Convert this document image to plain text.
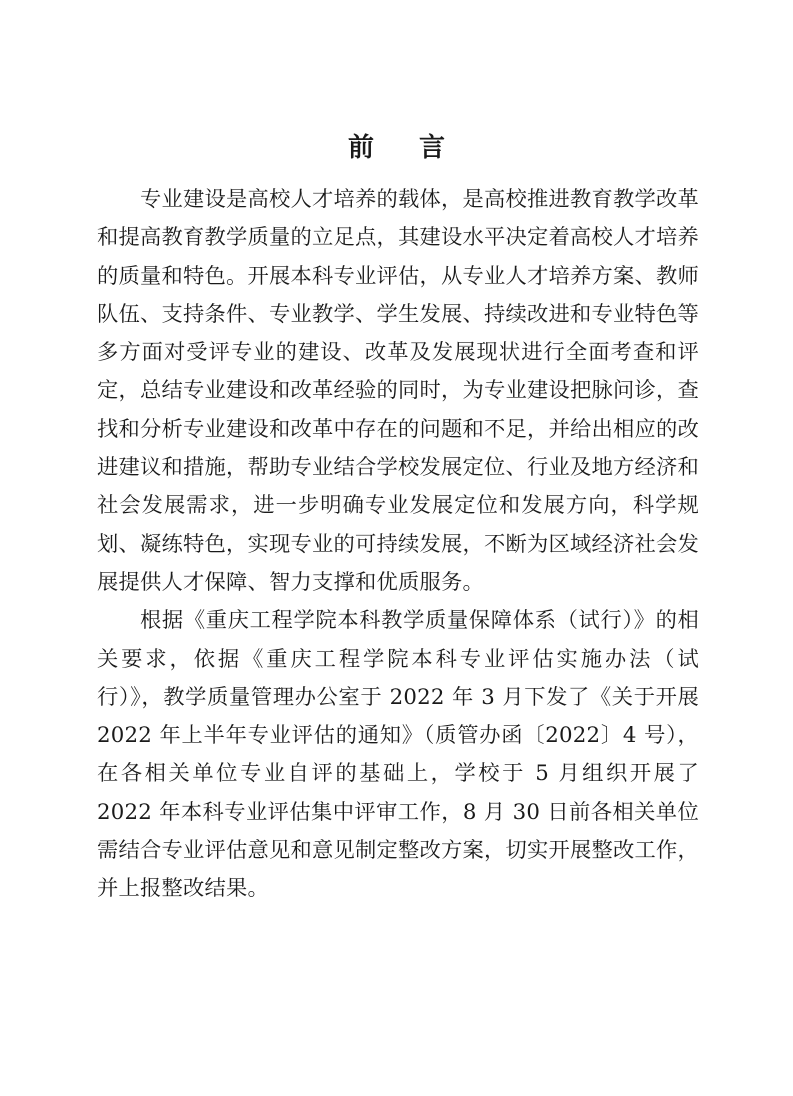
前 言

专业建设是高校人才培养的载体，是高校推进教育教学改革和提高教育教学质量的立足点，其建设水平决定着高校人才培养的质量和特色。开展本科专业评估，从专业人才培养方案、教师队伍、支持条件、专业教学、学生发展、持续改进和专业特色等多方面对受评专业的建设、改革及发展现状进行全面考查和评定，总结专业建设和改革经验的同时，为专业建设把脉问诊，查找和分析专业建设和改革中存在的问题和不足，并给出相应的改进建议和措施，帮助专业结合学校发展定位、行业及地方经济和社会发展需求，进一步明确专业发展定位和发展方向，科学规划、凝练特色，实现专业的可持续发展，不断为区域经济社会发展提供人才保障、智力支撑和优质服务。

根据《重庆工程学院本科教学质量保障体系（试行）》的相关要求，依据《重庆工程学院本科专业评估实施办法（试行）》，教学质量管理办公室于 2022 年 3 月下发了《关于开展 2022 年上半年专业评估的通知》（质管办函〔2022〕4 号），在各相关单位专业自评的基础上，学校于 5 月组织开展了 2022 年本科专业评估集中评审工作，8 月 30 日前各相关单位需结合专业评估意见和意见制定整改方案，切实开展整改工作，并上报整改结果。
